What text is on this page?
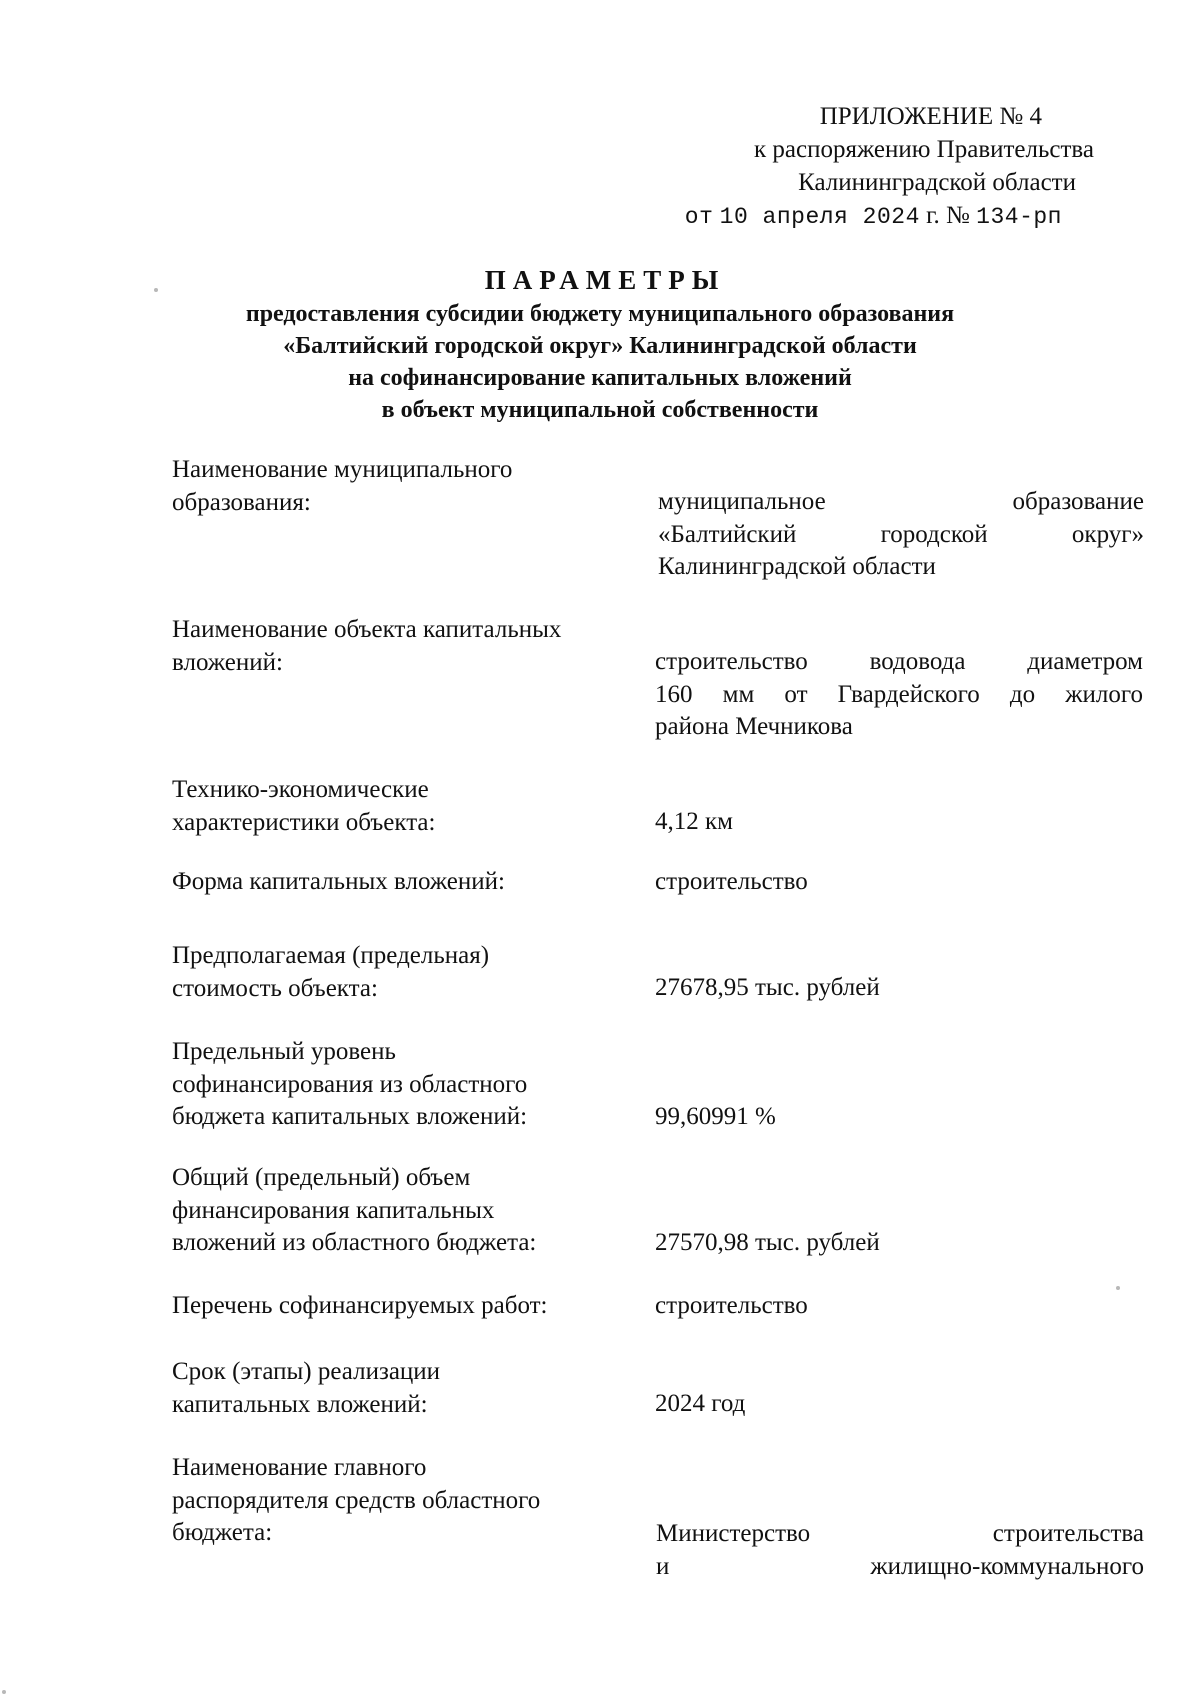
ПРИЛОЖЕНИЕ № 4
к распоряжению Правительства
Калининградской области
от 10 апреля 2024 г. № 134-рп

ПАРАМЕТРЫ

предоставления субсидии бюджету муниципального образования
«Балтийский городской округ» Калининградской области
на софинансирование капитальных вложений
в объект муниципальной собственности

Наименование муниципального
образования:	муниципальное образование
«Балтийский городской округ»
Калининградской области
Наименование объекта капитальных
вложений:	строительство водовода диаметром
160 мм от Гвардейского до жилого
района Мечникова
Технико-экономические
характеристики объекта:	4,12 км
Форма капитальных вложений:	строительство
Предполагаемая (предельная)
стоимость объекта:	27678,95 тыс. рублей
Предельный уровень
софинансирования из областного
бюджета капитальных вложений:	99,60991 %
Общий (предельный) объем
финансирования капитальных
вложений из областного бюджета:	27570,98 тыс. рублей
Перечень софинансируемых работ:	строительство
Срок (этапы) реализации
капитальных вложений:	2024 год
Наименование главного
распорядителя средств областного
бюджета:	Министерство строительства
и жилищно-коммунального
